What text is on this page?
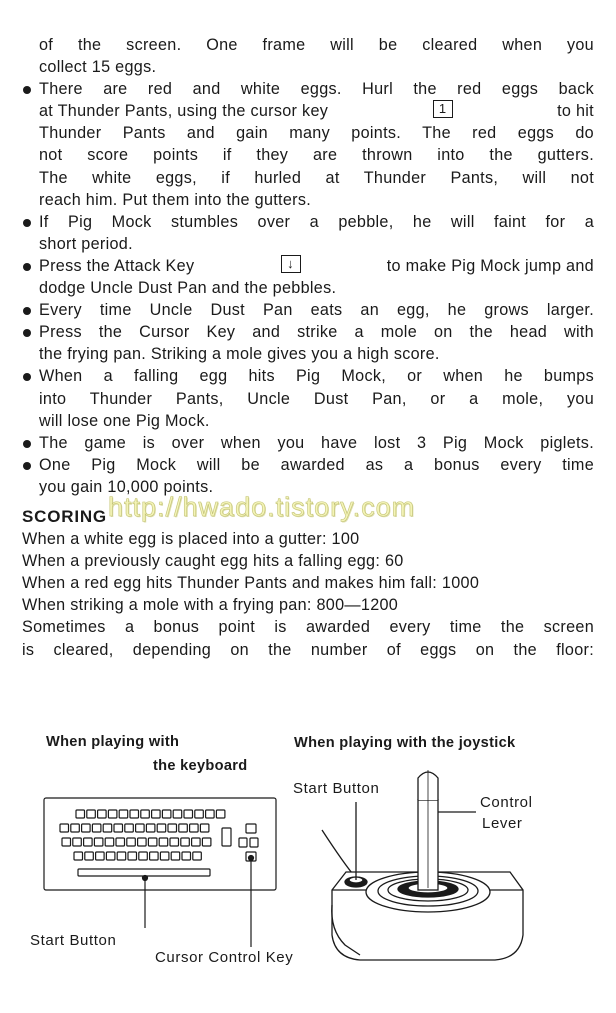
of the screen. One frame will be cleared when you
collect 15 eggs.
There are red and white eggs. Hurl the red eggs back
at Thunder Pants, using the cursor key	1	to hit
Thunder Pants and gain many points. The red eggs do
not score points if they are thrown into the gutters.
The white eggs, if hurled at Thunder Pants, will not
reach him. Put them into the gutters.
If Pig Mock stumbles over a pebble, he will faint for a
short period.
Press the Attack Key	↓	to make Pig Mock jump and
dodge Uncle Dust Pan and the pebbles.
Every time Uncle Dust Pan eats an egg, he grows larger.
Press the Cursor Key and strike a mole on the head with
the frying pan. Striking a mole gives you a high score.
When a falling egg hits Pig Mock, or when he bumps
into Thunder Pants, Uncle Dust Pan, or a mole, you
will lose one Pig Mock.
The game is over when you have lost 3 Pig Mock piglets.
One Pig Mock will be awarded as a bonus every time
you gain 10,000 points.
SCORING
When a white egg is placed into a gutter: 100
When a previously caught egg hits a falling egg: 60
When a red egg hits Thunder Pants and makes him fall: 1000
When striking a mole with a frying pan: 800—1200
Sometimes a bonus point is awarded every time the screen
is cleared, depending on the number of eggs on the floor:
http://hwado.tistory.com
When playing with
the keyboard
When playing with the joystick
Start Button
Cursor Control Key
Start Button
Control
Lever
